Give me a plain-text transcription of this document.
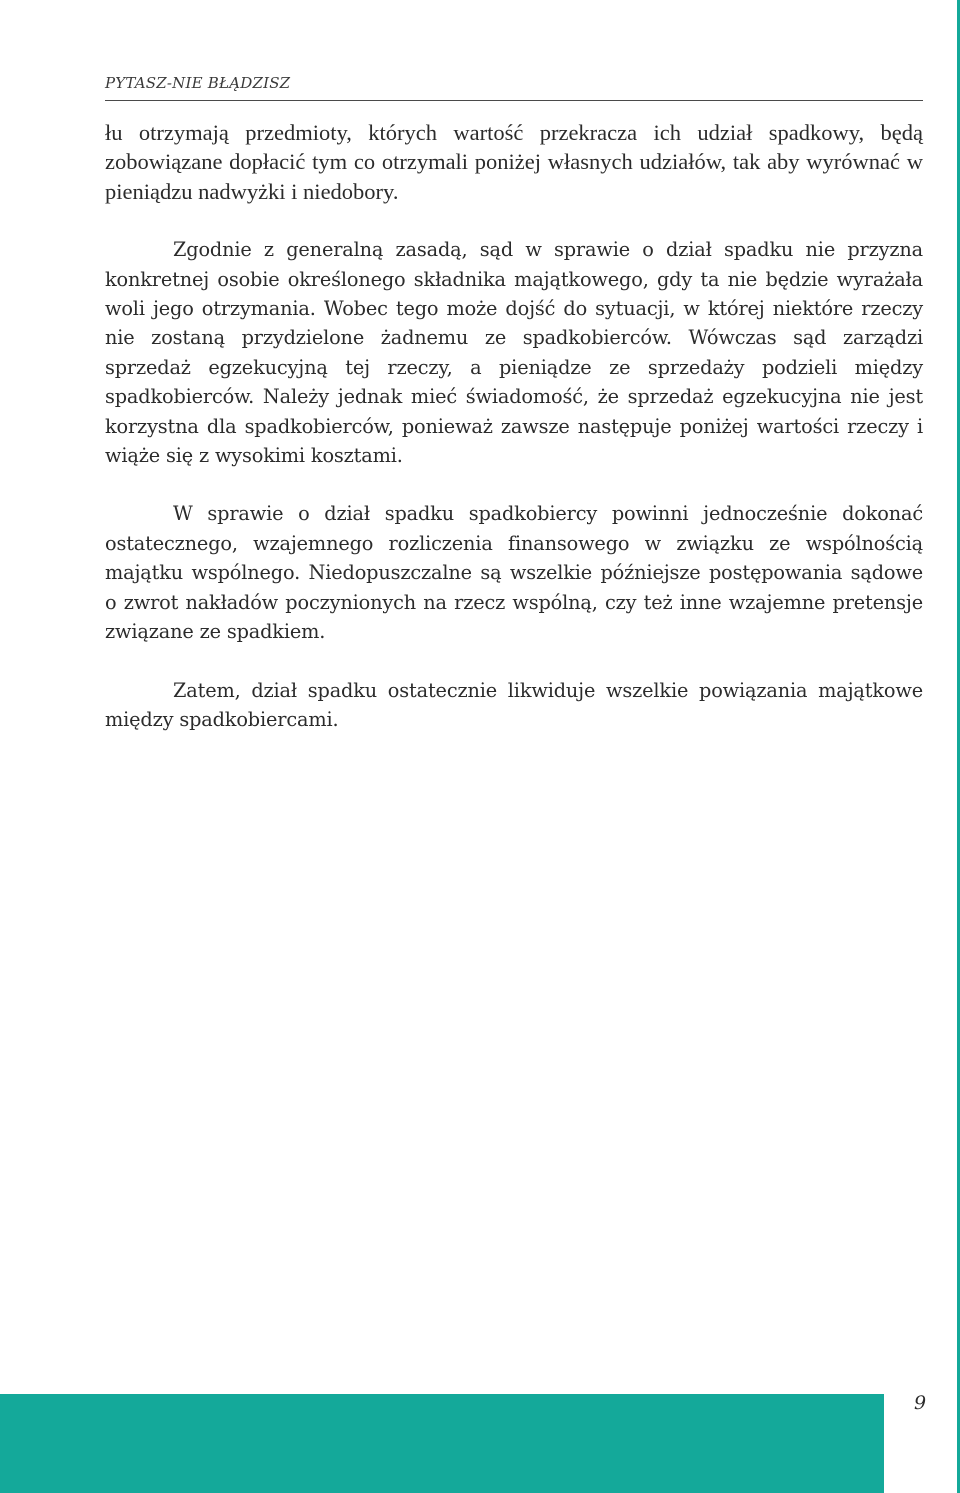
PYTASZ-NIE BŁĄDZISZ

łu otrzymają przedmioty, których wartość przekracza ich udział spadkowy, będą zobowiązane dopłacić tym co otrzymali poniżej własnych udziałów, tak aby wyrównać w pieniądzu nadwyżki i niedobory.

Zgodnie z generalną zasadą, sąd w sprawie o dział spadku nie przyzna konkretnej osobie określonego składnika majątkowego, gdy ta nie będzie wyrażała woli jego otrzymania. Wobec tego może dojść do sytuacji, w której niektóre rzeczy nie zostaną przydzielone żadnemu ze spadkobierców. Wówczas sąd zarządzi sprzedaż egzekucyjną tej rzeczy, a pieniądze ze sprzedaży podzieli między spadkobierców. Należy jednak mieć świadomość, że sprzedaż egzekucyjna nie jest korzystna dla spadkobierców, ponieważ zawsze następuje poniżej wartości rzeczy i wiąże się z wysokimi kosztami.

W sprawie o dział spadku spadkobiercy powinni jednocześnie dokonać ostatecznego, wzajemnego rozliczenia finansowego w związku ze wspólnością majątku wspólnego. Niedopuszczalne są wszelkie późniejsze postępowania sądowe o zwrot nakładów poczynionych na rzecz wspólną, czy też inne wzajemne pretensje związane ze spadkiem.

Zatem, dział spadku ostatecznie likwiduje wszelkie powiązania majątkowe między spadkobiercami.

9
